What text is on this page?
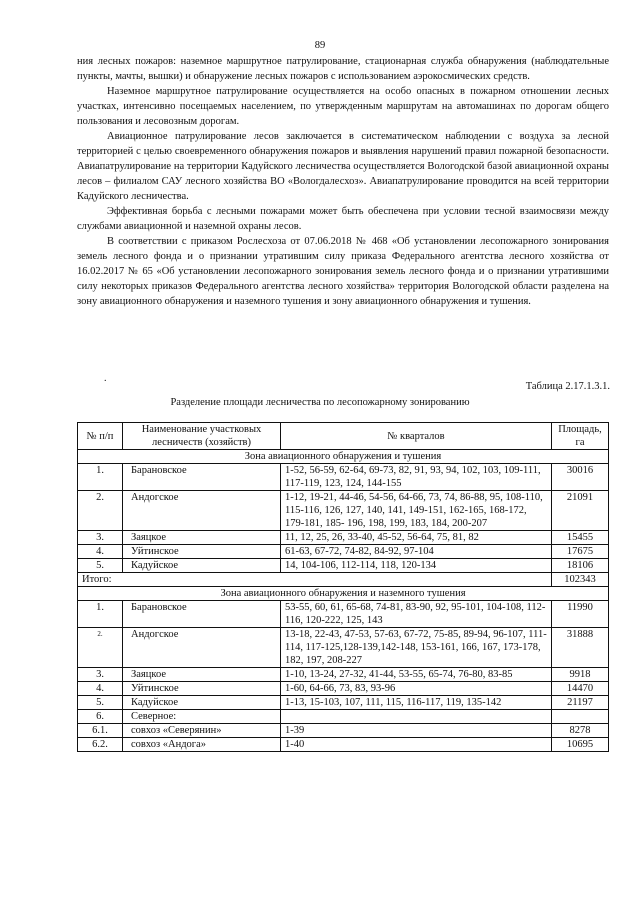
89

ния лесных пожаров: наземное маршрутное патрулирование, стационарная служба обнаружения (наблюдательные пункты, мачты, вышки) и обнаружение лесных пожаров с использованием аэрокосмических средств.

Наземное маршрутное патрулирование осуществляется на особо опасных в пожарном отношении лесных участках, интенсивно посещаемых населением, по утвержденным маршрутам на автомашинах по дорогам общего пользования и лесовозным дорогам.

Авиационное патрулирование лесов заключается в систематическом наблюдении с воздуха за лесной территорией с целью своевременного обнаружения пожаров и выявления нарушений правил пожарной безопасности. Авиапатрулирование на территории Кадуйского лесничества осуществляется Вологодской базой авиационной охраны лесов – филиалом САУ лесного хозяйства ВО «Вологдалесхоз». Авиапатрулирование проводится на всей территории Кадуйского лесничества.

Эффективная борьба с лесными пожарами может быть обеспечена при условии тесной взаимосвязи между службами авиационной и наземной охраны лесов.

В соответствии с приказом Рослесхоза от 07.06.2018 № 468 «Об установлении лесопожарного зонирования земель лесного фонда и о признании утратившим силу приказа Федерального агентства лесного хозяйства от 16.02.2017 № 65 «Об установлении лесопожарного зонирования земель лесного фонда и о признании утратившими силу некоторых приказов Федерального агентства лесного хозяйства» территория Вологодской области разделена на зону авиационного обнаружения и наземного тушения и зону авиационного обнаружения и тушения.

.
Таблица 2.17.1.3.1.
Разделение площади лесничества по лесопожарному зонированию
№ п/п	Наименование участковых лесничеств (хозяйств)	№ кварталов	Площадь, га
Зона авиационного обнаружения и тушения			
1.	Барановское	1-52, 56-59, 62-64, 69-73, 82, 91, 93, 94, 102, 103, 109-111, 117-119, 123, 124, 144-155	30016
2.	Андогское	1-12, 19-21, 44-46, 54-56, 64-66, 73, 74, 86-88, 95, 108-110, 115-116, 126, 127, 140, 141, 149-151, 162-165, 168-172, 179-181, 185- 196, 198, 199, 183, 184, 200-207	21091
3.	Заяцкое	11, 12, 25, 26, 33-40, 45-52, 56-64, 75, 81, 82	15455
4.	Уйтинское	61-63, 67-72, 74-82, 84-92, 97-104	17675
5.	Кадуйское	14, 104-106, 112-114, 118, 120-134	18106
Итого:			102343
Зона авиационного обнаружения и наземного тушения			
1.	Барановское	53-55, 60, 61, 65-68, 74-81, 83-90, 92, 95-101, 104-108, 112-116, 120-222, 125, 143	11990
2.	Андогское	13-18, 22-43, 47-53, 57-63, 67-72, 75-85, 89-94, 96-107, 111-114, 117-125,128-139,142-148, 153-161, 166, 167, 173-178, 182, 197, 208-227	31888
3.	Заяцкое	1-10, 13-24, 27-32, 41-44, 53-55, 65-74, 76-80, 83-85	9918
4.	Уйтинское	1-60, 64-66, 73, 83, 93-96	14470
5.	Кадуйское	1-13, 15-103, 107, 111, 115, 116-117, 119, 135-142	21197
6.	Северное:		
6.1.	совхоз «Северянин»	1-39	8278
6.2.	совхоз «Андога»	1-40	10695
